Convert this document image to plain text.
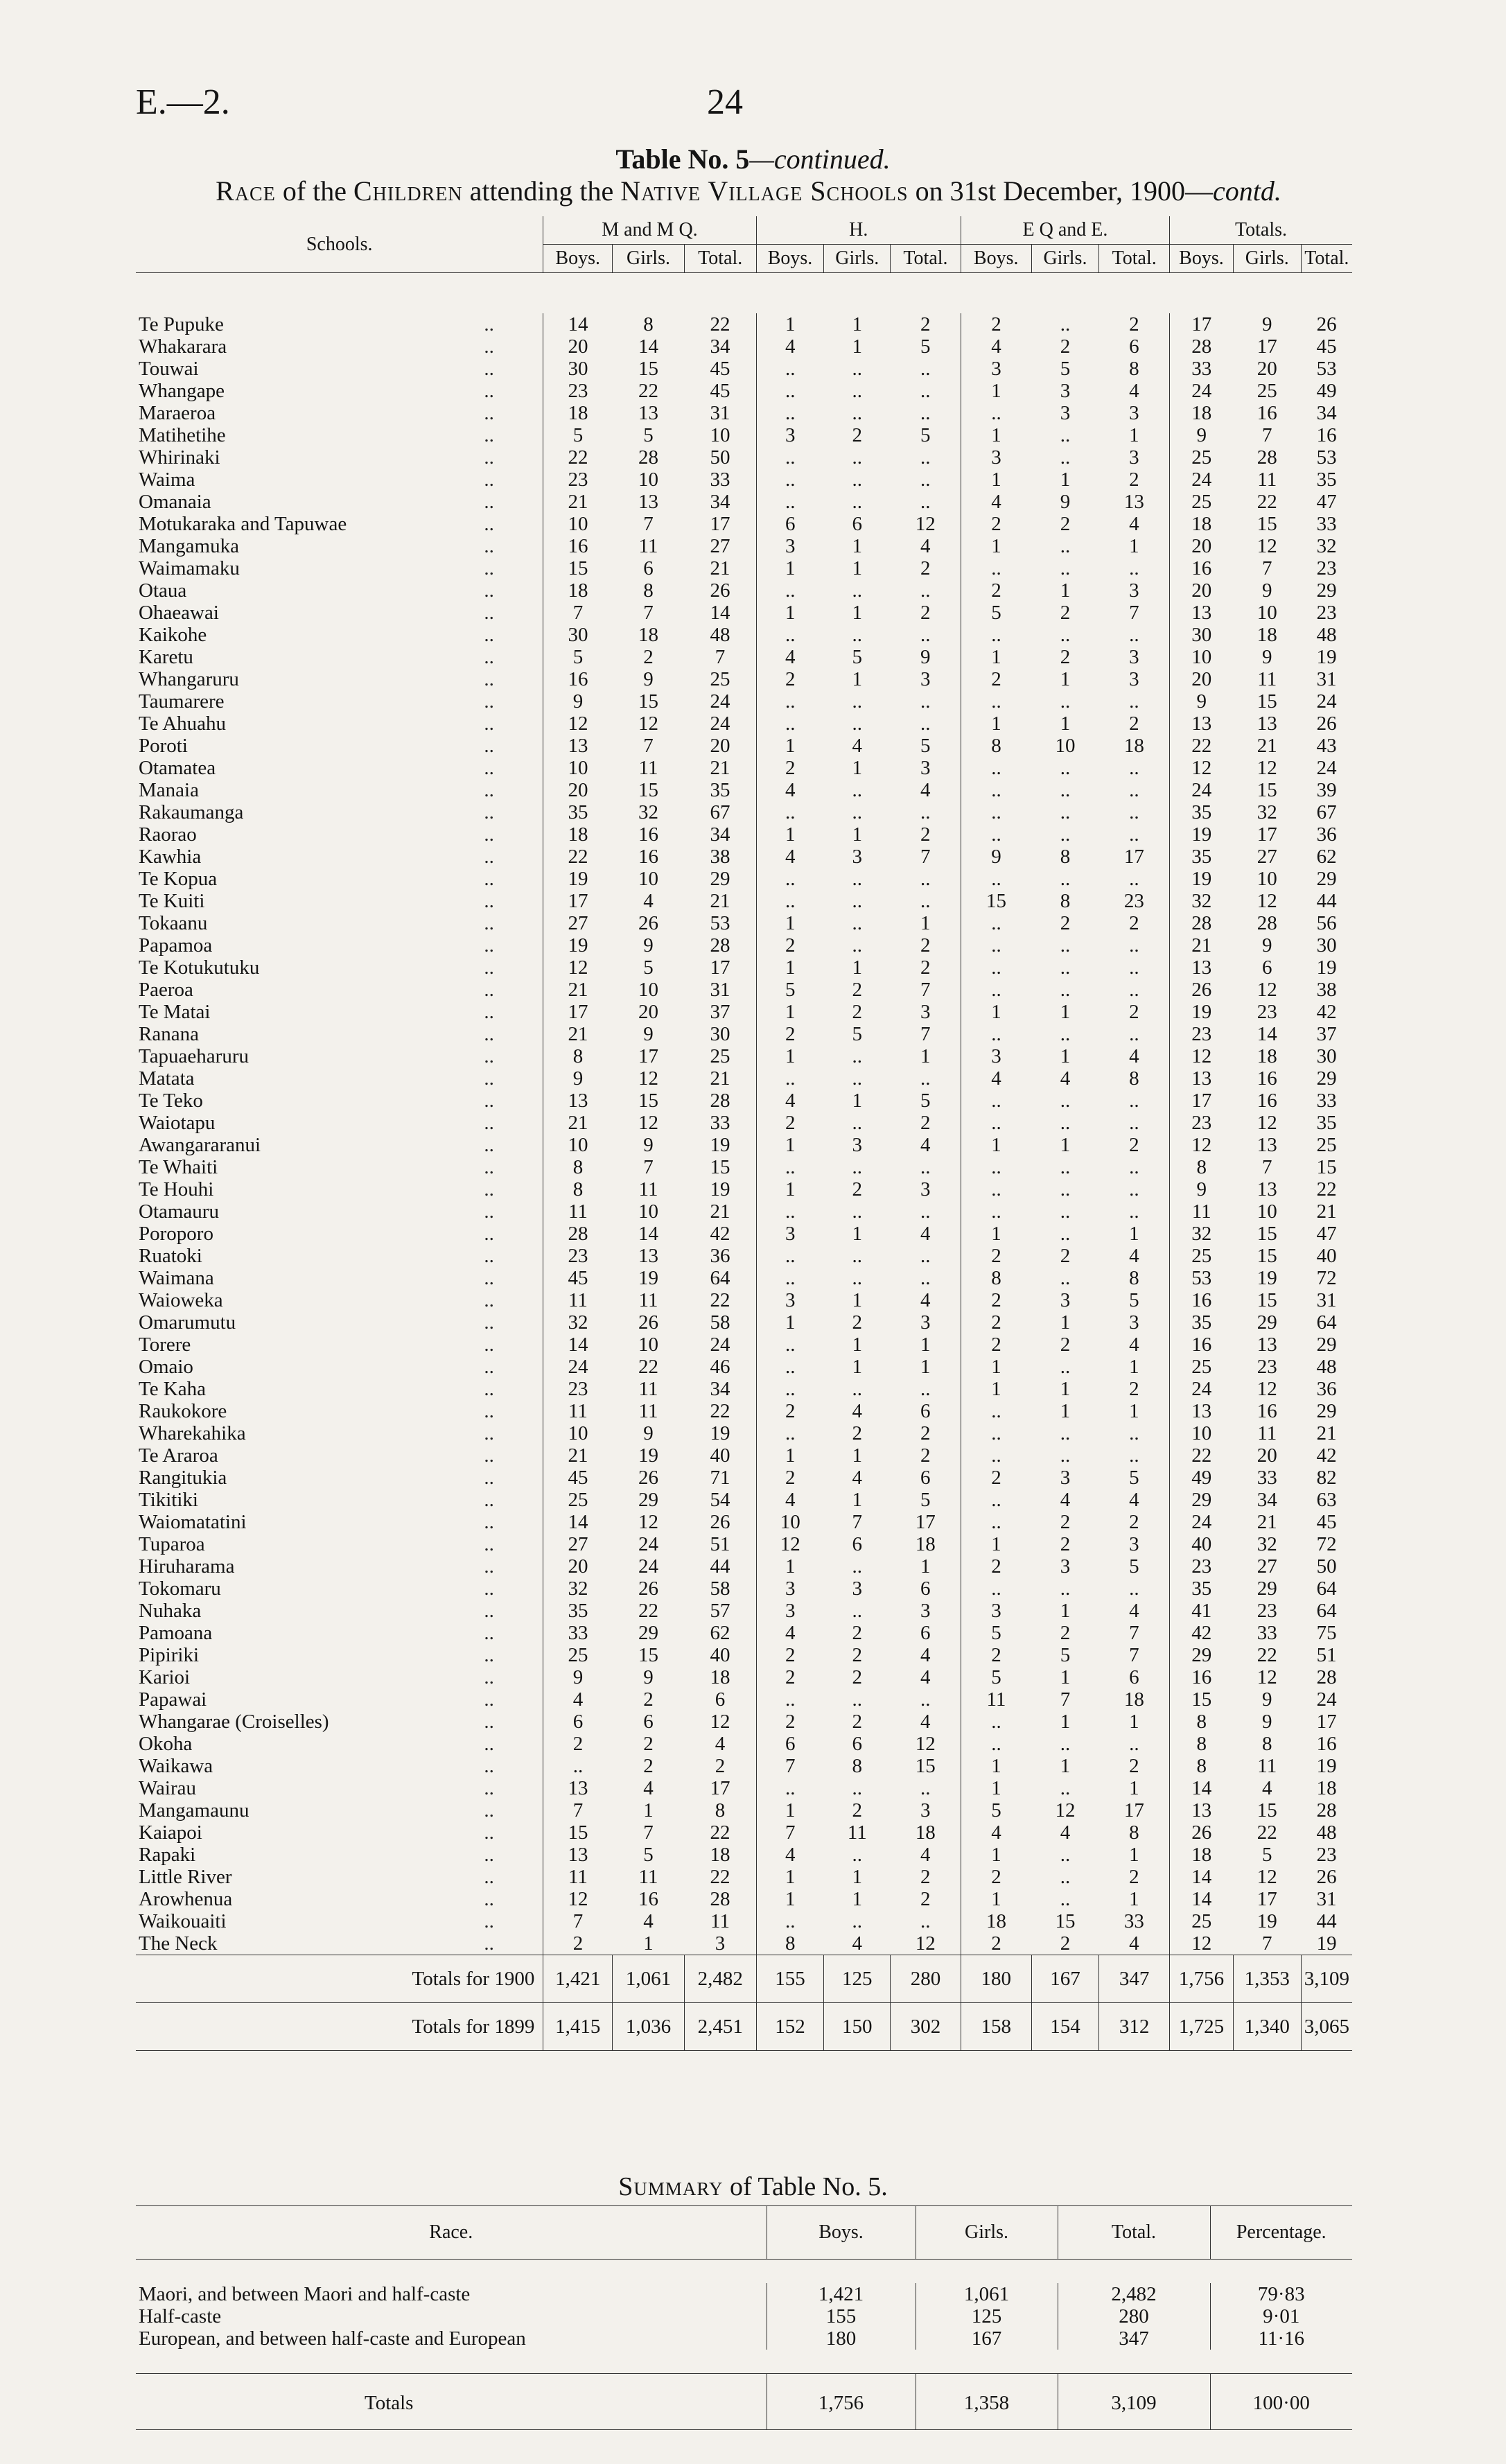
E.—2.	24
Table No. 5—continued.
Race of the Children attending the Native Village Schools on 31st December, 1900—contd.
Schools.		M and M Q.			H.			E Q and E.			Totals.		
		Boys.	Girls.	Total.	Boys.	Girls.	Total.	Boys.	Girls.	Total.	Boys.	Girls.	Total.

Te Pupuke	..	14	8	22	1	1	2	2	..	2	17	9	26
Whakarara	..	20	14	34	4	1	5	4	2	6	28	17	45
Touwai	..	30	15	45	..	..	..	3	5	8	33	20	53
Whangape	..	23	22	45	..	..	..	1	3	4	24	25	49
Maraeroa	..	18	13	31	..	..	..	..	3	3	18	16	34
Matihetihe	..	5	5	10	3	2	5	1	..	1	9	7	16
Whirinaki	..	22	28	50	..	..	..	3	..	3	25	28	53
Waima	..	23	10	33	..	..	..	1	1	2	24	11	35
Omanaia	..	21	13	34	..	..	..	4	9	13	25	22	47
Motukaraka and Tapuwae	..	10	7	17	6	6	12	2	2	4	18	15	33
Mangamuka	..	16	11	27	3	1	4	1	..	1	20	12	32
Waimamaku	..	15	6	21	1	1	2	..	..	..	16	7	23
Otaua	..	18	8	26	..	..	..	2	1	3	20	9	29
Ohaeawai	..	7	7	14	1	1	2	5	2	7	13	10	23
Kaikohe	..	30	18	48	..	..	..	..	..	..	30	18	48
Karetu	..	5	2	7	4	5	9	1	2	3	10	9	19
Whangaruru	..	16	9	25	2	1	3	2	1	3	20	11	31
Taumarere	..	9	15	24	..	..	..	..	..	..	9	15	24
Te Ahuahu	..	12	12	24	..	..	..	1	1	2	13	13	26
Poroti	..	13	7	20	1	4	5	8	10	18	22	21	43
Otamatea	..	10	11	21	2	1	3	..	..	..	12	12	24
Manaia	..	20	15	35	4	..	4	..	..	..	24	15	39
Rakaumanga	..	35	32	67	..	..	..	..	..	..	35	32	67
Raorao	..	18	16	34	1	1	2	..	..	..	19	17	36
Kawhia	..	22	16	38	4	3	7	9	8	17	35	27	62
Te Kopua	..	19	10	29	..	..	..	..	..	..	19	10	29
Te Kuiti	..	17	4	21	..	..	..	15	8	23	32	12	44
Tokaanu	..	27	26	53	1	..	1	..	2	2	28	28	56
Papamoa	..	19	9	28	2	..	2	..	..	..	21	9	30
Te Kotukutuku	..	12	5	17	1	1	2	..	..	..	13	6	19
Paeroa	..	21	10	31	5	2	7	..	..	..	26	12	38
Te Matai	..	17	20	37	1	2	3	1	1	2	19	23	42
Ranana	..	21	9	30	2	5	7	..	..	..	23	14	37
Tapuaeharuru	..	8	17	25	1	..	1	3	1	4	12	18	30
Matata	..	9	12	21	..	..	..	4	4	8	13	16	29
Te Teko	..	13	15	28	4	1	5	..	..	..	17	16	33
Waiotapu	..	21	12	33	2	..	2	..	..	..	23	12	35
Awangararanui	..	10	9	19	1	3	4	1	1	2	12	13	25
Te Whaiti	..	8	7	15	..	..	..	..	..	..	8	7	15
Te Houhi	..	8	11	19	1	2	3	..	..	..	9	13	22
Otamauru	..	11	10	21	..	..	..	..	..	..	11	10	21
Poroporo	..	28	14	42	3	1	4	1	..	1	32	15	47
Ruatoki	..	23	13	36	..	..	..	2	2	4	25	15	40
Waimana	..	45	19	64	..	..	..	8	..	8	53	19	72
Waioweka	..	11	11	22	3	1	4	2	3	5	16	15	31
Omarumutu	..	32	26	58	1	2	3	2	1	3	35	29	64
Torere	..	14	10	24	..	1	1	2	2	4	16	13	29
Omaio	..	24	22	46	..	1	1	1	..	1	25	23	48
Te Kaha	..	23	11	34	..	..	..	1	1	2	24	12	36
Raukokore	..	11	11	22	2	4	6	..	1	1	13	16	29
Wharekahika	..	10	9	19	..	2	2	..	..	..	10	11	21
Te Araroa	..	21	19	40	1	1	2	..	..	..	22	20	42
Rangitukia	..	45	26	71	2	4	6	2	3	5	49	33	82
Tikitiki	..	25	29	54	4	1	5	..	4	4	29	34	63
Waiomatatini	..	14	12	26	10	7	17	..	2	2	24	21	45
Tuparoa	..	27	24	51	12	6	18	1	2	3	40	32	72
Hiruharama	..	20	24	44	1	..	1	2	3	5	23	27	50
Tokomaru	..	32	26	58	3	3	6	..	..	..	35	29	64
Nuhaka	..	35	22	57	3	..	3	3	1	4	41	23	64
Pamoana	..	33	29	62	4	2	6	5	2	7	42	33	75
Pipiriki	..	25	15	40	2	2	4	2	5	7	29	22	51
Karioi	..	9	9	18	2	2	4	5	1	6	16	12	28
Papawai	..	4	2	6	..	..	..	11	7	18	15	9	24
Whangarae (Croiselles)	..	6	6	12	2	2	4	..	1	1	8	9	17
Okoha	..	2	2	4	6	6	12	..	..	..	8	8	16
Waikawa	..	..	2	2	7	8	15	1	1	2	8	11	19
Wairau	..	13	4	17	..	..	..	1	..	1	14	4	18
Mangamaunu	..	7	1	8	1	2	3	5	12	17	13	15	28
Kaiapoi	..	15	7	22	7	11	18	4	4	8	26	22	48
Rapaki	..	13	5	18	4	..	4	1	..	1	18	5	23
Little River	..	11	11	22	1	1	2	2	..	2	14	12	26
Arowhenua	..	12	16	28	1	1	2	1	..	1	14	17	31
Waikouaiti	..	7	4	11	..	..	..	18	15	33	25	19	44
The Neck	..	2	1	3	8	4	12	2	2	4	12	7	19
Totals for 1900		1,421	1,061	2,482	155	125	280	180	167	347	1,756	1,353	3,109
Totals for 1899		1,415	1,036	2,451	152	150	302	158	154	312	1,725	1,340	3,065
Summary of Table No. 5.
Race.	Boys.	Girls.	Total.	Percentage.

Maori, and between Maori and half-caste	1,421	1,061	2,482	79·83
Half-caste	155	125	280	9·01
European, and between half-caste and European	180	167	347	11·16

Totals	1,756	1,358	3,109	100·00
